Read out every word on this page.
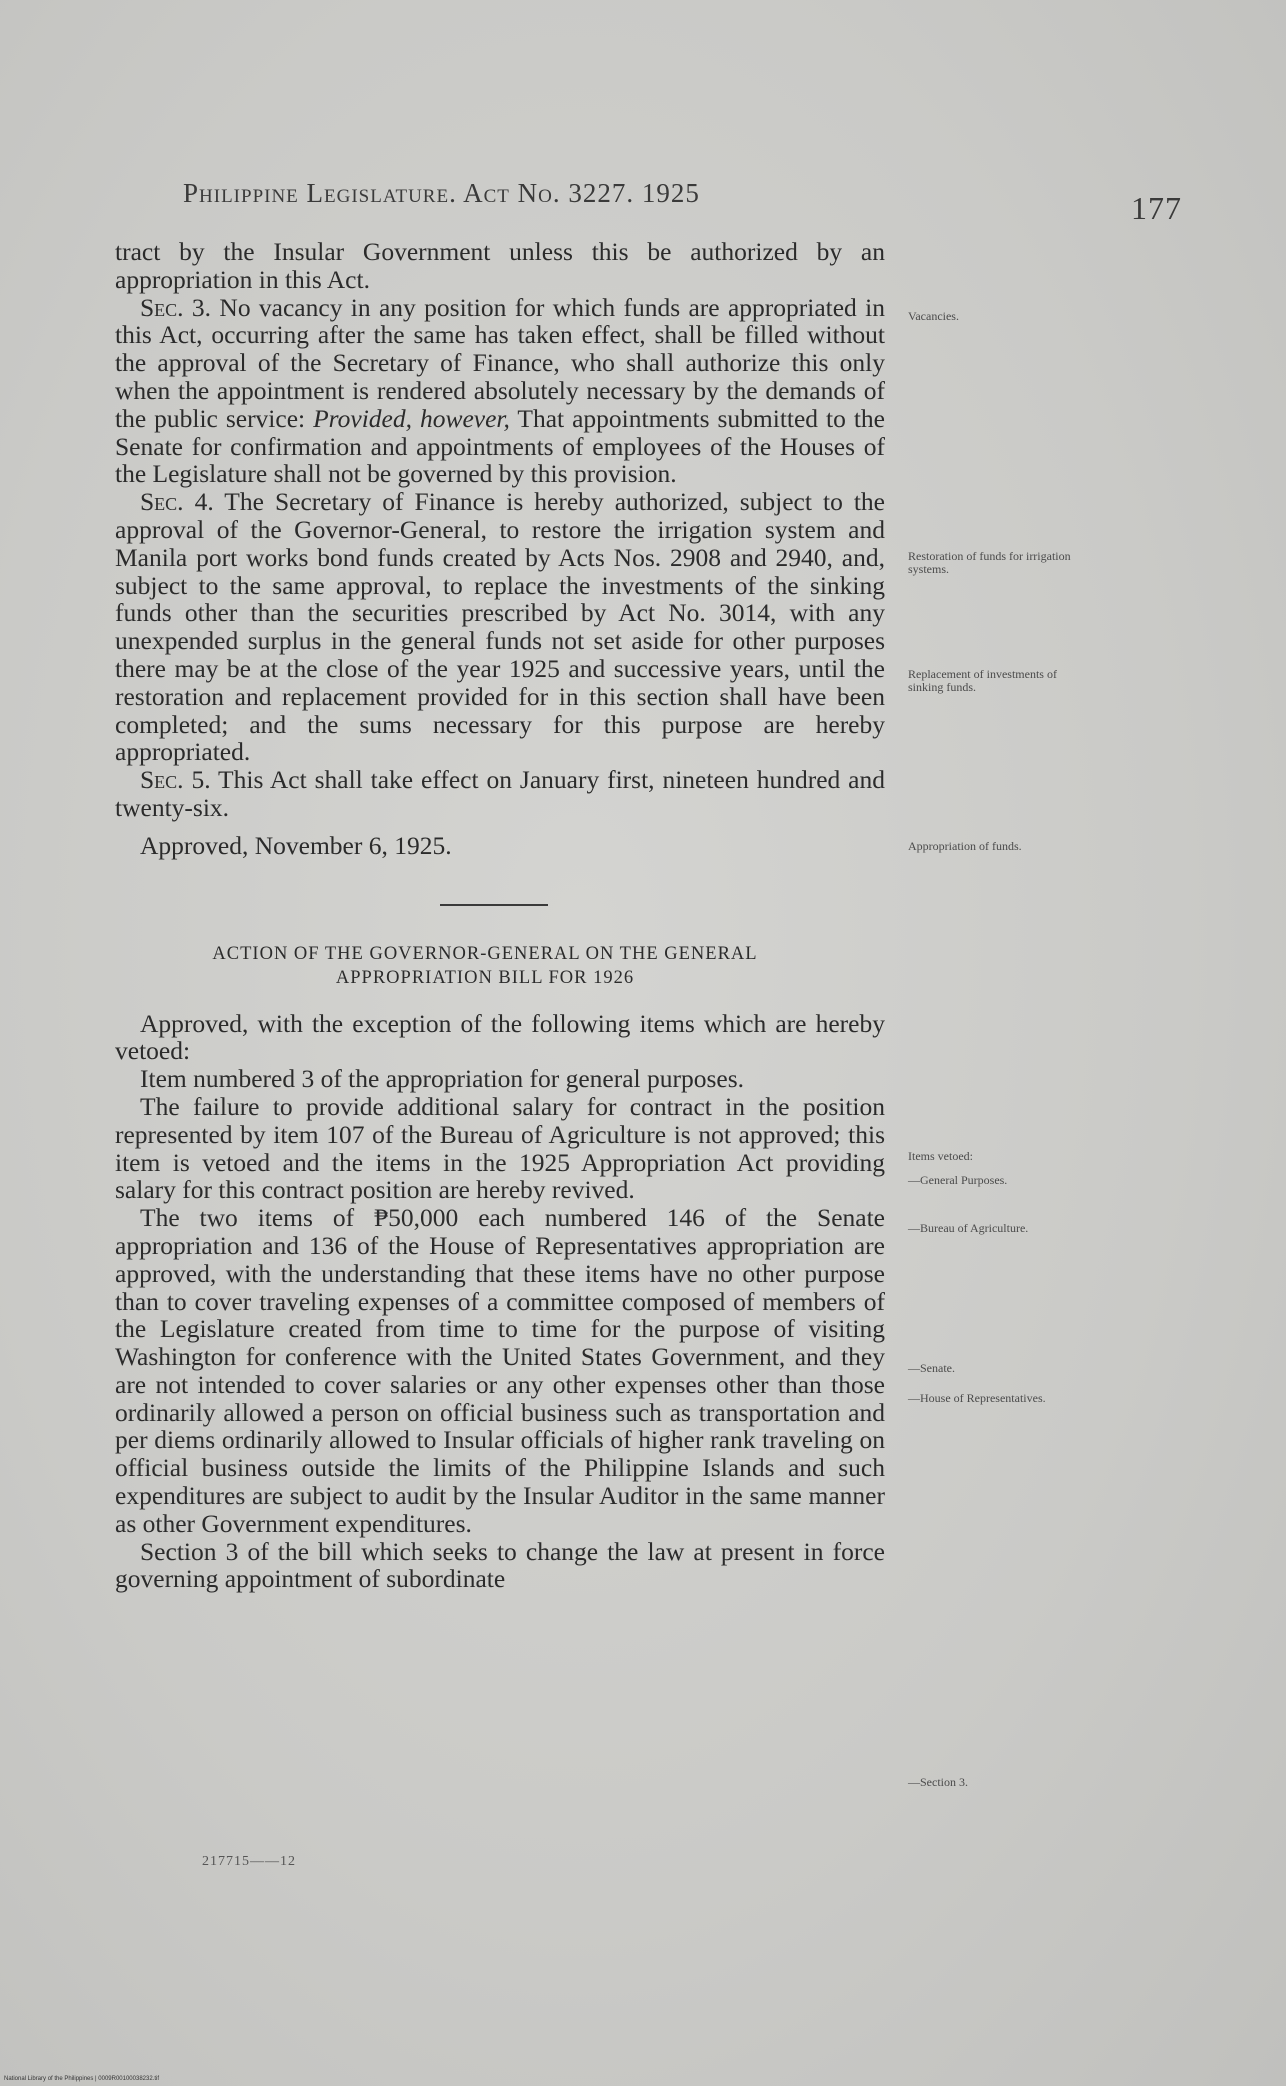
Philippine Legislature. Act No. 3227. 1925	177

tract by the Insular Government unless this be authorized by an appropriation in this Act.

Sec. 3. No vacancy in any position for which funds are appropriated in this Act, occurring after the same has taken effect, shall be filled without the approval of the Secretary of Finance, who shall authorize this only when the appointment is rendered absolutely necessary by the demands of the public service: Provided, however, That appointments submitted to the Senate for confirmation and appointments of employees of the Houses of the Legislature shall not be governed by this provision.

Sec. 4. The Secretary of Finance is hereby authorized, subject to the approval of the Governor-General, to restore the irrigation system and Manila port works bond funds created by Acts Nos. 2908 and 2940, and, subject to the same approval, to replace the investments of the sinking funds other than the securities prescribed by Act No. 3014, with any unexpended surplus in the general funds not set aside for other purposes there may be at the close of the year 1925 and successive years, until the restoration and replacement provided for in this section shall have been completed; and the sums necessary for this purpose are hereby appropriated.

Sec. 5. This Act shall take effect on January first, nineteen hundred and twenty-six.

Approved, November 6, 1925.

ACTION OF THE GOVERNOR-GENERAL ON THE GENERAL APPROPRIATION BILL FOR 1926

Approved, with the exception of the following items which are hereby vetoed:

Item numbered 3 of the appropriation for general purposes.

The failure to provide additional salary for contract in the position represented by item 107 of the Bureau of Agriculture is not approved; this item is vetoed and the items in the 1925 Appropriation Act providing salary for this contract position are hereby revived.

The two items of ₱50,000 each numbered 146 of the Senate appropriation and 136 of the House of Representatives appropriation are approved, with the understanding that these items have no other purpose than to cover traveling expenses of a committee composed of members of the Legislature created from time to time for the purpose of visiting Washington for conference with the United States Government, and they are not intended to cover salaries or any other expenses other than those ordinarily allowed a person on official business such as transportation and per diems ordinarily allowed to Insular officials of higher rank traveling on official business outside the limits of the Philippine Islands and such expenditures are subject to audit by the Insular Auditor in the same manner as other Government expenditures.

Section 3 of the bill which seeks to change the law at present in force governing appointment of subordinate

Vacancies.
Restoration of funds for irrigation systems.
Replacement of investments of sinking funds.
Appropriation of funds.
Items vetoed:
—General Purposes.
—Bureau of Agriculture.
—Senate.
—House of Representatives.
—Section 3.
217715——12
National Library of the Philippines | 0009R00100038232.tif
